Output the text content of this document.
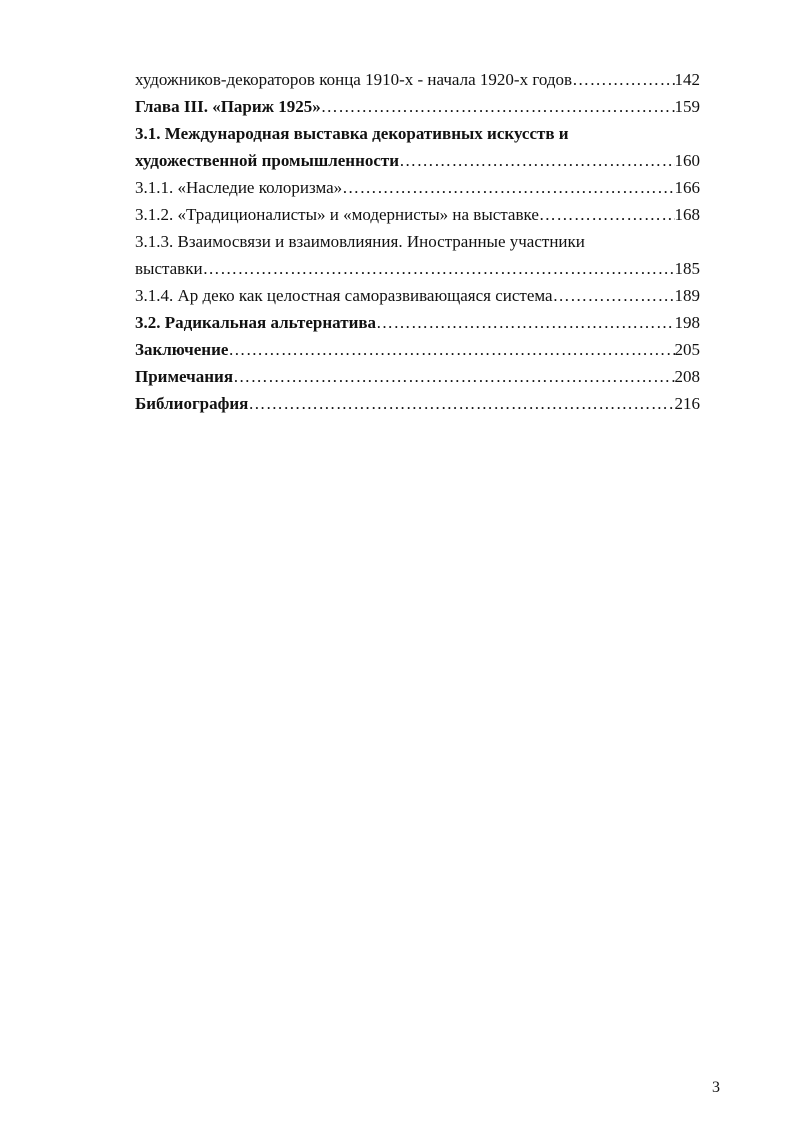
художников-декораторов конца 1910-х - начала 1920-х годов …………………………………………………………………………………………………………………………………………………………………	142
Глава III. «Париж 1925» …………………………………………………………………………………………………………………………………………………………………	159
3.1. Международная выставка декоративных искусств и
художественной промышленности …………………………………………………………………………………………………………………………………………………………………	160
3.1.1. «Наследие колоризма» …………………………………………………………………………………………………………………………………………………………………	166
3.1.2. «Традиционалисты» и «модернисты» на выставке …………………………………………………………………………………………………………………………………………………………………	168
3.1.3. Взаимосвязи и взаимовлияния. Иностранные участники
выставки …………………………………………………………………………………………………………………………………………………………………	185
3.1.4. Ар деко как целостная саморазвивающаяся система …………………………………………………………………………………………………………………………………………………………………	189
3.2. Радикальная альтернатива …………………………………………………………………………………………………………………………………………………………………	198
Заключение …………………………………………………………………………………………………………………………………………………………………	205
Примечания …………………………………………………………………………………………………………………………………………………………………	208
Библиография …………………………………………………………………………………………………………………………………………………………………	216
3
